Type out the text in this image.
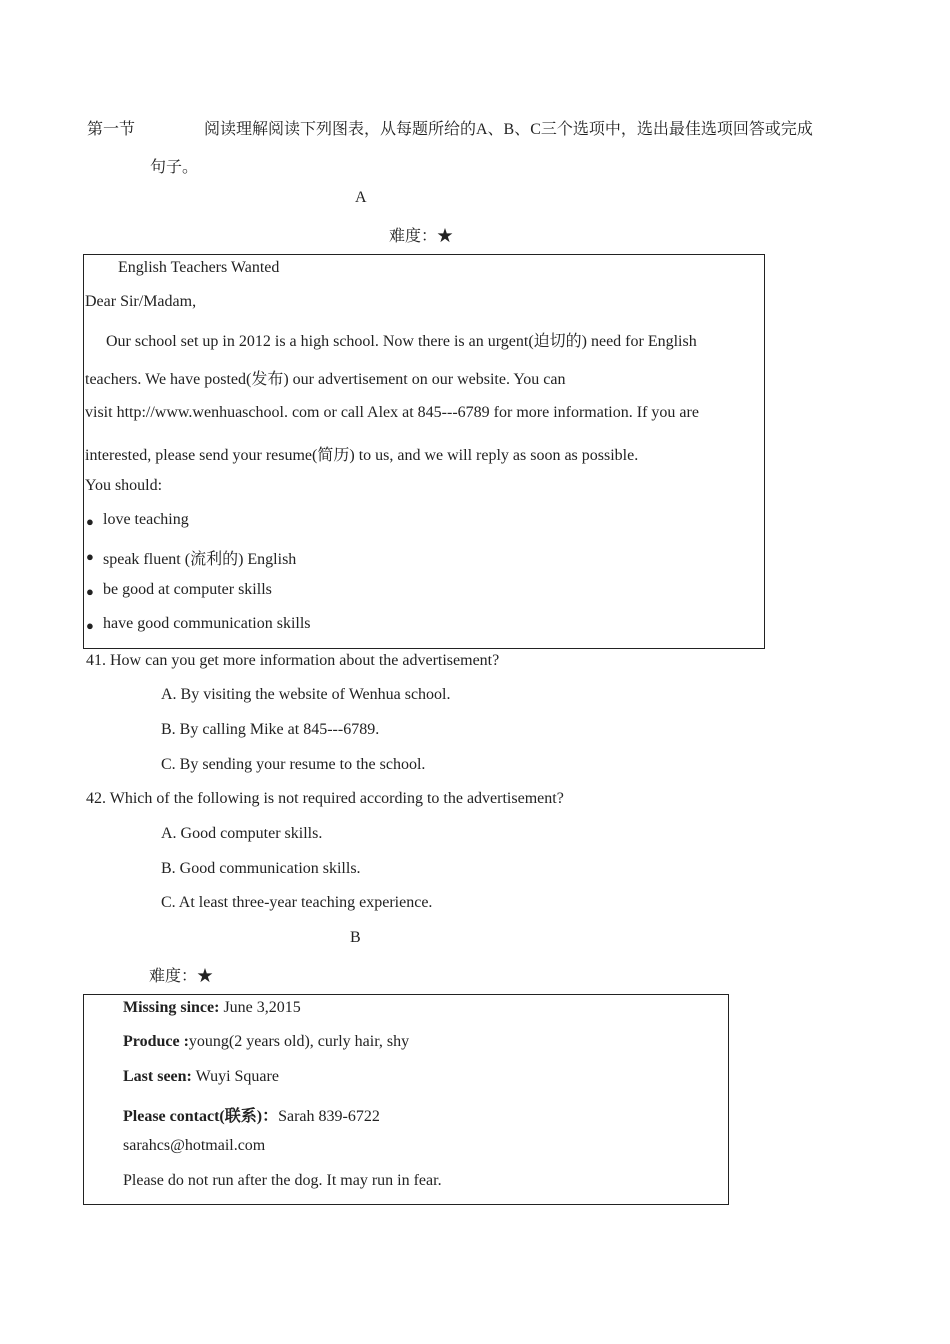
第一节	阅读理解阅读下列图表，从每题所给的A、B、C三个选项中，选出最佳选项回答或完成
句子。
A
难度：★
English Teachers Wanted
Dear Sir/Madam,
Our school set up in 2012 is a high school. Now there is an urgent(迫切的) need for English
teachers. We have posted(发布) our advertisement on our website. You can
visit http://www.wenhuaschool. com or call Alex at 845---6789 for more information. If you are
interested, please send your resume(简历) to us, and we will reply as soon as possible.
You should:
● love teaching
● speak fluent (流利的) English
● be good at computer skills
● have good communication skills
41. How can you get more information about the advertisement?
A. By visiting the website of Wenhua school.
B. By calling Mike at 845---6789.
C. By sending your resume to the school.
42. Which of the following is not required according to the advertisement?
A. Good computer skills.
B. Good communication skills.
C. At least three-year teaching experience.
B
难度：★
Missing since: June 3,2015
Produce :young(2 years old), curly hair, shy
Last seen: Wuyi Square
Please contact(联系)：Sarah 839-6722
sarahcs@hotmail.com
Please do not run after the dog. It may run in fear.
